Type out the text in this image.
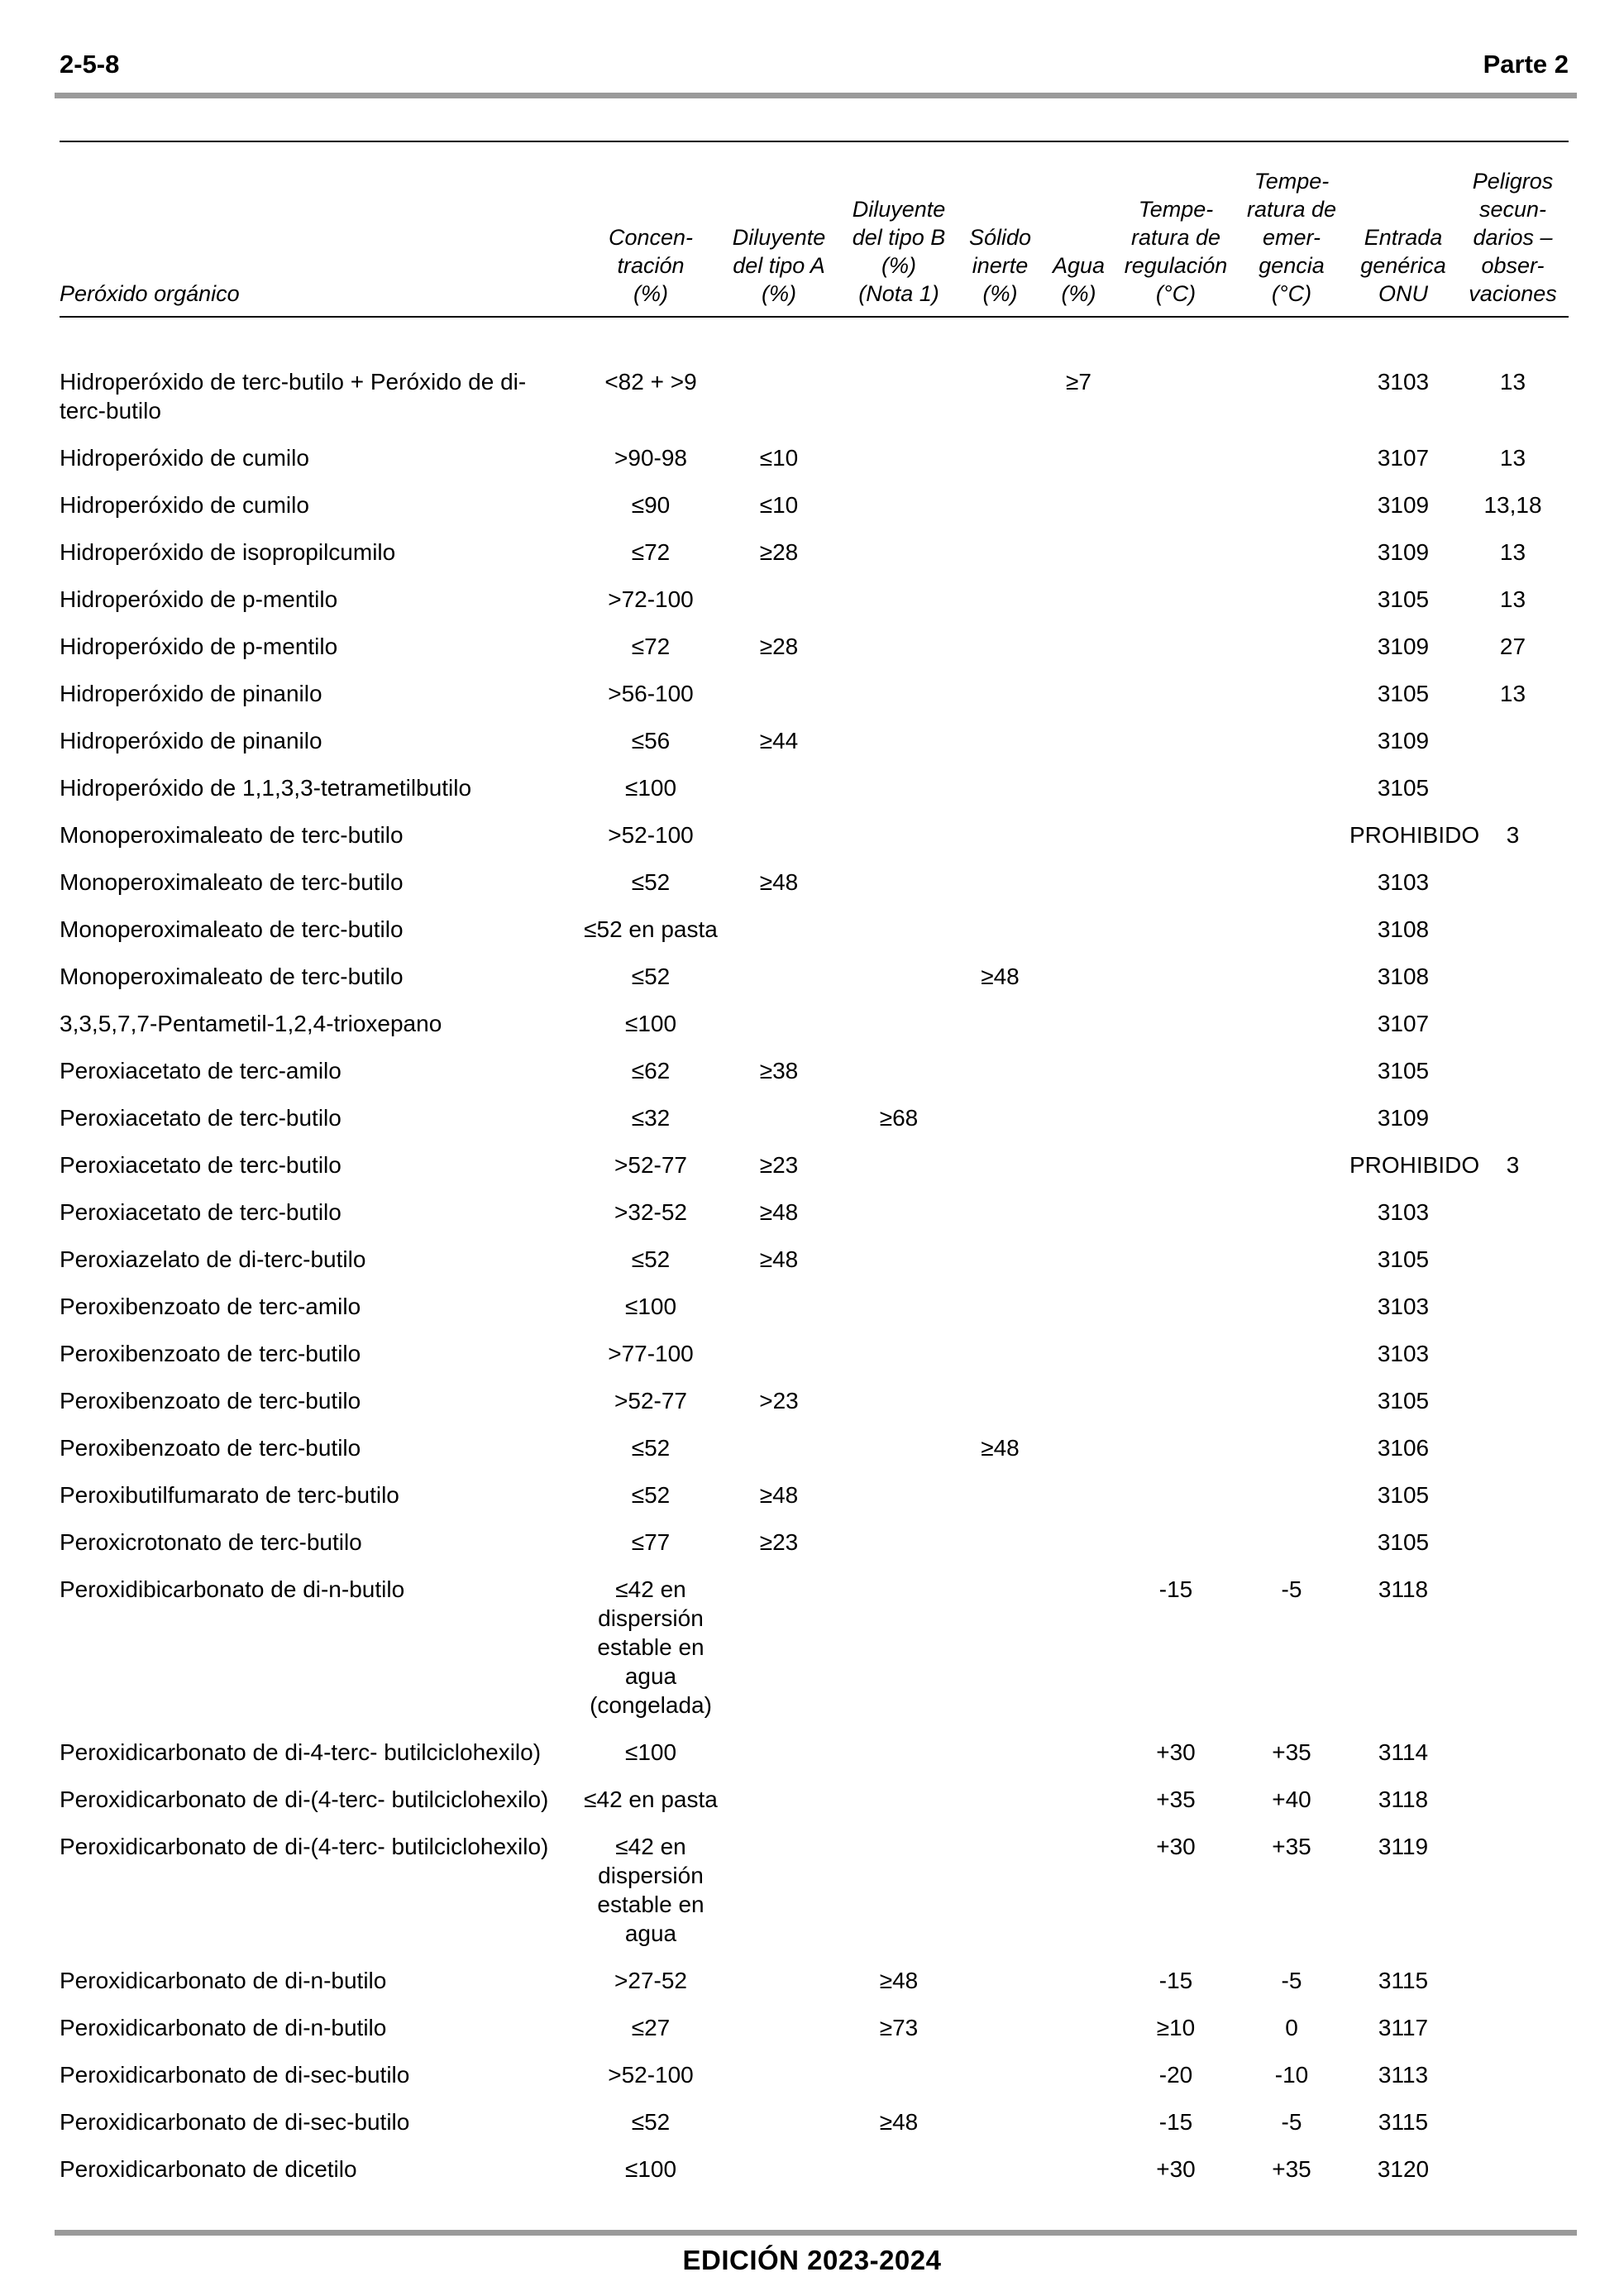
2-5-8	Parte 2
Peróxido orgánico	Concen-
tración
(%)	Diluyente
del tipo A
(%)	Diluyente
del tipo B
(%)
(Nota 1)	Sólido
inerte
(%)	Agua
(%)	Tempe-
ratura de
regulación
(°C)	Tempe-
ratura de
emer-
gencia
(°C)	Entrada
genérica
ONU	Peligros
secun-
darios –
obser-
vaciones
Hidroperóxido de terc-butilo + Peróxido de di-terc-butilo	<82 + >9				≥7			3103	13
Hidroperóxido de cumilo	>90-98	≤10						3107	13
Hidroperóxido de cumilo	≤90	≤10						3109	13,18
Hidroperóxido de isopropilcumilo	≤72	≥28						3109	13
Hidroperóxido de p-mentilo	>72-100							3105	13
Hidroperóxido de p-mentilo	≤72	≥28						3109	27
Hidroperóxido de pinanilo	>56-100							3105	13
Hidroperóxido de pinanilo	≤56	≥44						3109	
Hidroperóxido de 1,1,3,3-tetrametilbutilo	≤100							3105	
Monoperoximaleato de terc-butilo	>52-100							PROHIBIDO	3
Monoperoximaleato de terc-butilo	≤52	≥48						3103	
Monoperoximaleato de terc-butilo	≤52 en pasta							3108	
Monoperoximaleato de terc-butilo	≤52			≥48				3108	
3,3,5,7,7-Pentametil-1,2,4-trioxepano	≤100							3107	
Peroxiacetato de terc-amilo	≤62	≥38						3105	
Peroxiacetato de terc-butilo	≤32		≥68					3109	
Peroxiacetato de terc-butilo	>52-77	≥23						PROHIBIDO	3
Peroxiacetato de terc-butilo	>32-52	≥48						3103	
Peroxiazelato de di-terc-butilo	≤52	≥48						3105	
Peroxibenzoato de terc-amilo	≤100							3103	
Peroxibenzoato de terc-butilo	>77-100							3103	
Peroxibenzoato de terc-butilo	>52-77	>23						3105	
Peroxibenzoato de terc-butilo	≤52			≥48				3106	
Peroxibutilfumarato de terc-butilo	≤52	≥48						3105	
Peroxicrotonato de terc-butilo	≤77	≥23						3105	
Peroxidibicarbonato de di-n-butilo	≤42 en
dispersión
estable en
agua
(congelada)					-15	-5	3118	
Peroxidicarbonato de di-4-terc- butilciclohexilo)	≤100					+30	+35	3114	
Peroxidicarbonato de di-(4-terc- butilciclohexilo)	≤42 en pasta					+35	+40	3118	
Peroxidicarbonato de di-(4-terc- butilciclohexilo)	≤42 en
dispersión
estable en
agua					+30	+35	3119	
Peroxidicarbonato de di-n-butilo	>27-52		≥48			-15	-5	3115	
Peroxidicarbonato de di-n-butilo	≤27		≥73			≥10	0	3117	
Peroxidicarbonato de di-sec-butilo	>52-100					-20	-10	3113	
Peroxidicarbonato de di-sec-butilo	≤52		≥48			-15	-5	3115	
Peroxidicarbonato de dicetilo	≤100					+30	+35	3120	
EDICIÓN 2023-2024
